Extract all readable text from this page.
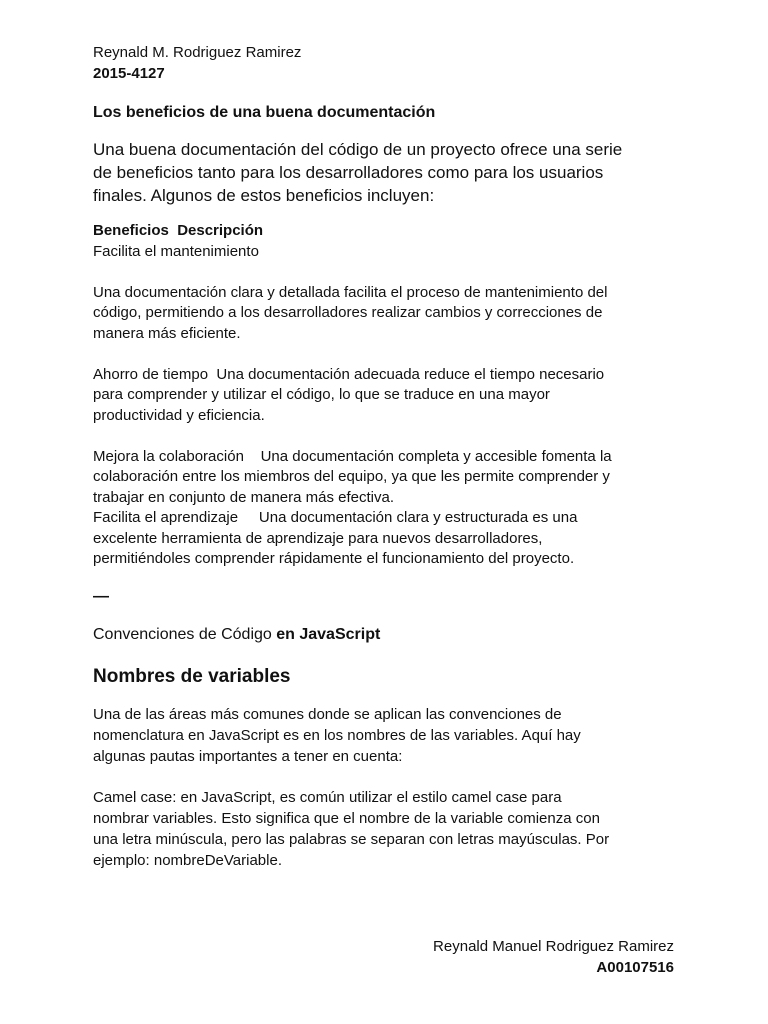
Reynald M. Rodriguez Ramirez
2015-4127
Los beneficios de una buena documentación
Una buena documentación del código de un proyecto ofrece una serie
de beneficios tanto para los desarrolladores como para los usuarios
finales. Algunos de estos beneficios incluyen:
Beneficios  Descripción
Facilita el mantenimiento
Una documentación clara y detallada facilita el proceso de mantenimiento del
código, permitiendo a los desarrolladores realizar cambios y correcciones de
manera más eficiente.
Ahorro de tiempo  Una documentación adecuada reduce el tiempo necesario
para comprender y utilizar el código, lo que se traduce en una mayor
productividad y eficiencia.
Mejora la colaboración    Una documentación completa y accesible fomenta la
colaboración entre los miembros del equipo, ya que les permite comprender y
trabajar en conjunto de manera más efectiva.
Facilita el aprendizaje     Una documentación clara y estructurada es una
excelente herramienta de aprendizaje para nuevos desarrolladores,
permitiéndoles comprender rápidamente el funcionamiento del proyecto.
—
Convenciones de Código en JavaScript
Nombres de variables
Una de las áreas más comunes donde se aplican las convenciones de
nomenclatura en JavaScript es en los nombres de las variables. Aquí hay
algunas pautas importantes a tener en cuenta:
Camel case: en JavaScript, es común utilizar el estilo camel case para
nombrar variables. Esto significa que el nombre de la variable comienza con
una letra minúscula, pero las palabras se separan con letras mayúsculas. Por
ejemplo: nombreDeVariable.
Reynald Manuel Rodriguez Ramirez
A00107516
